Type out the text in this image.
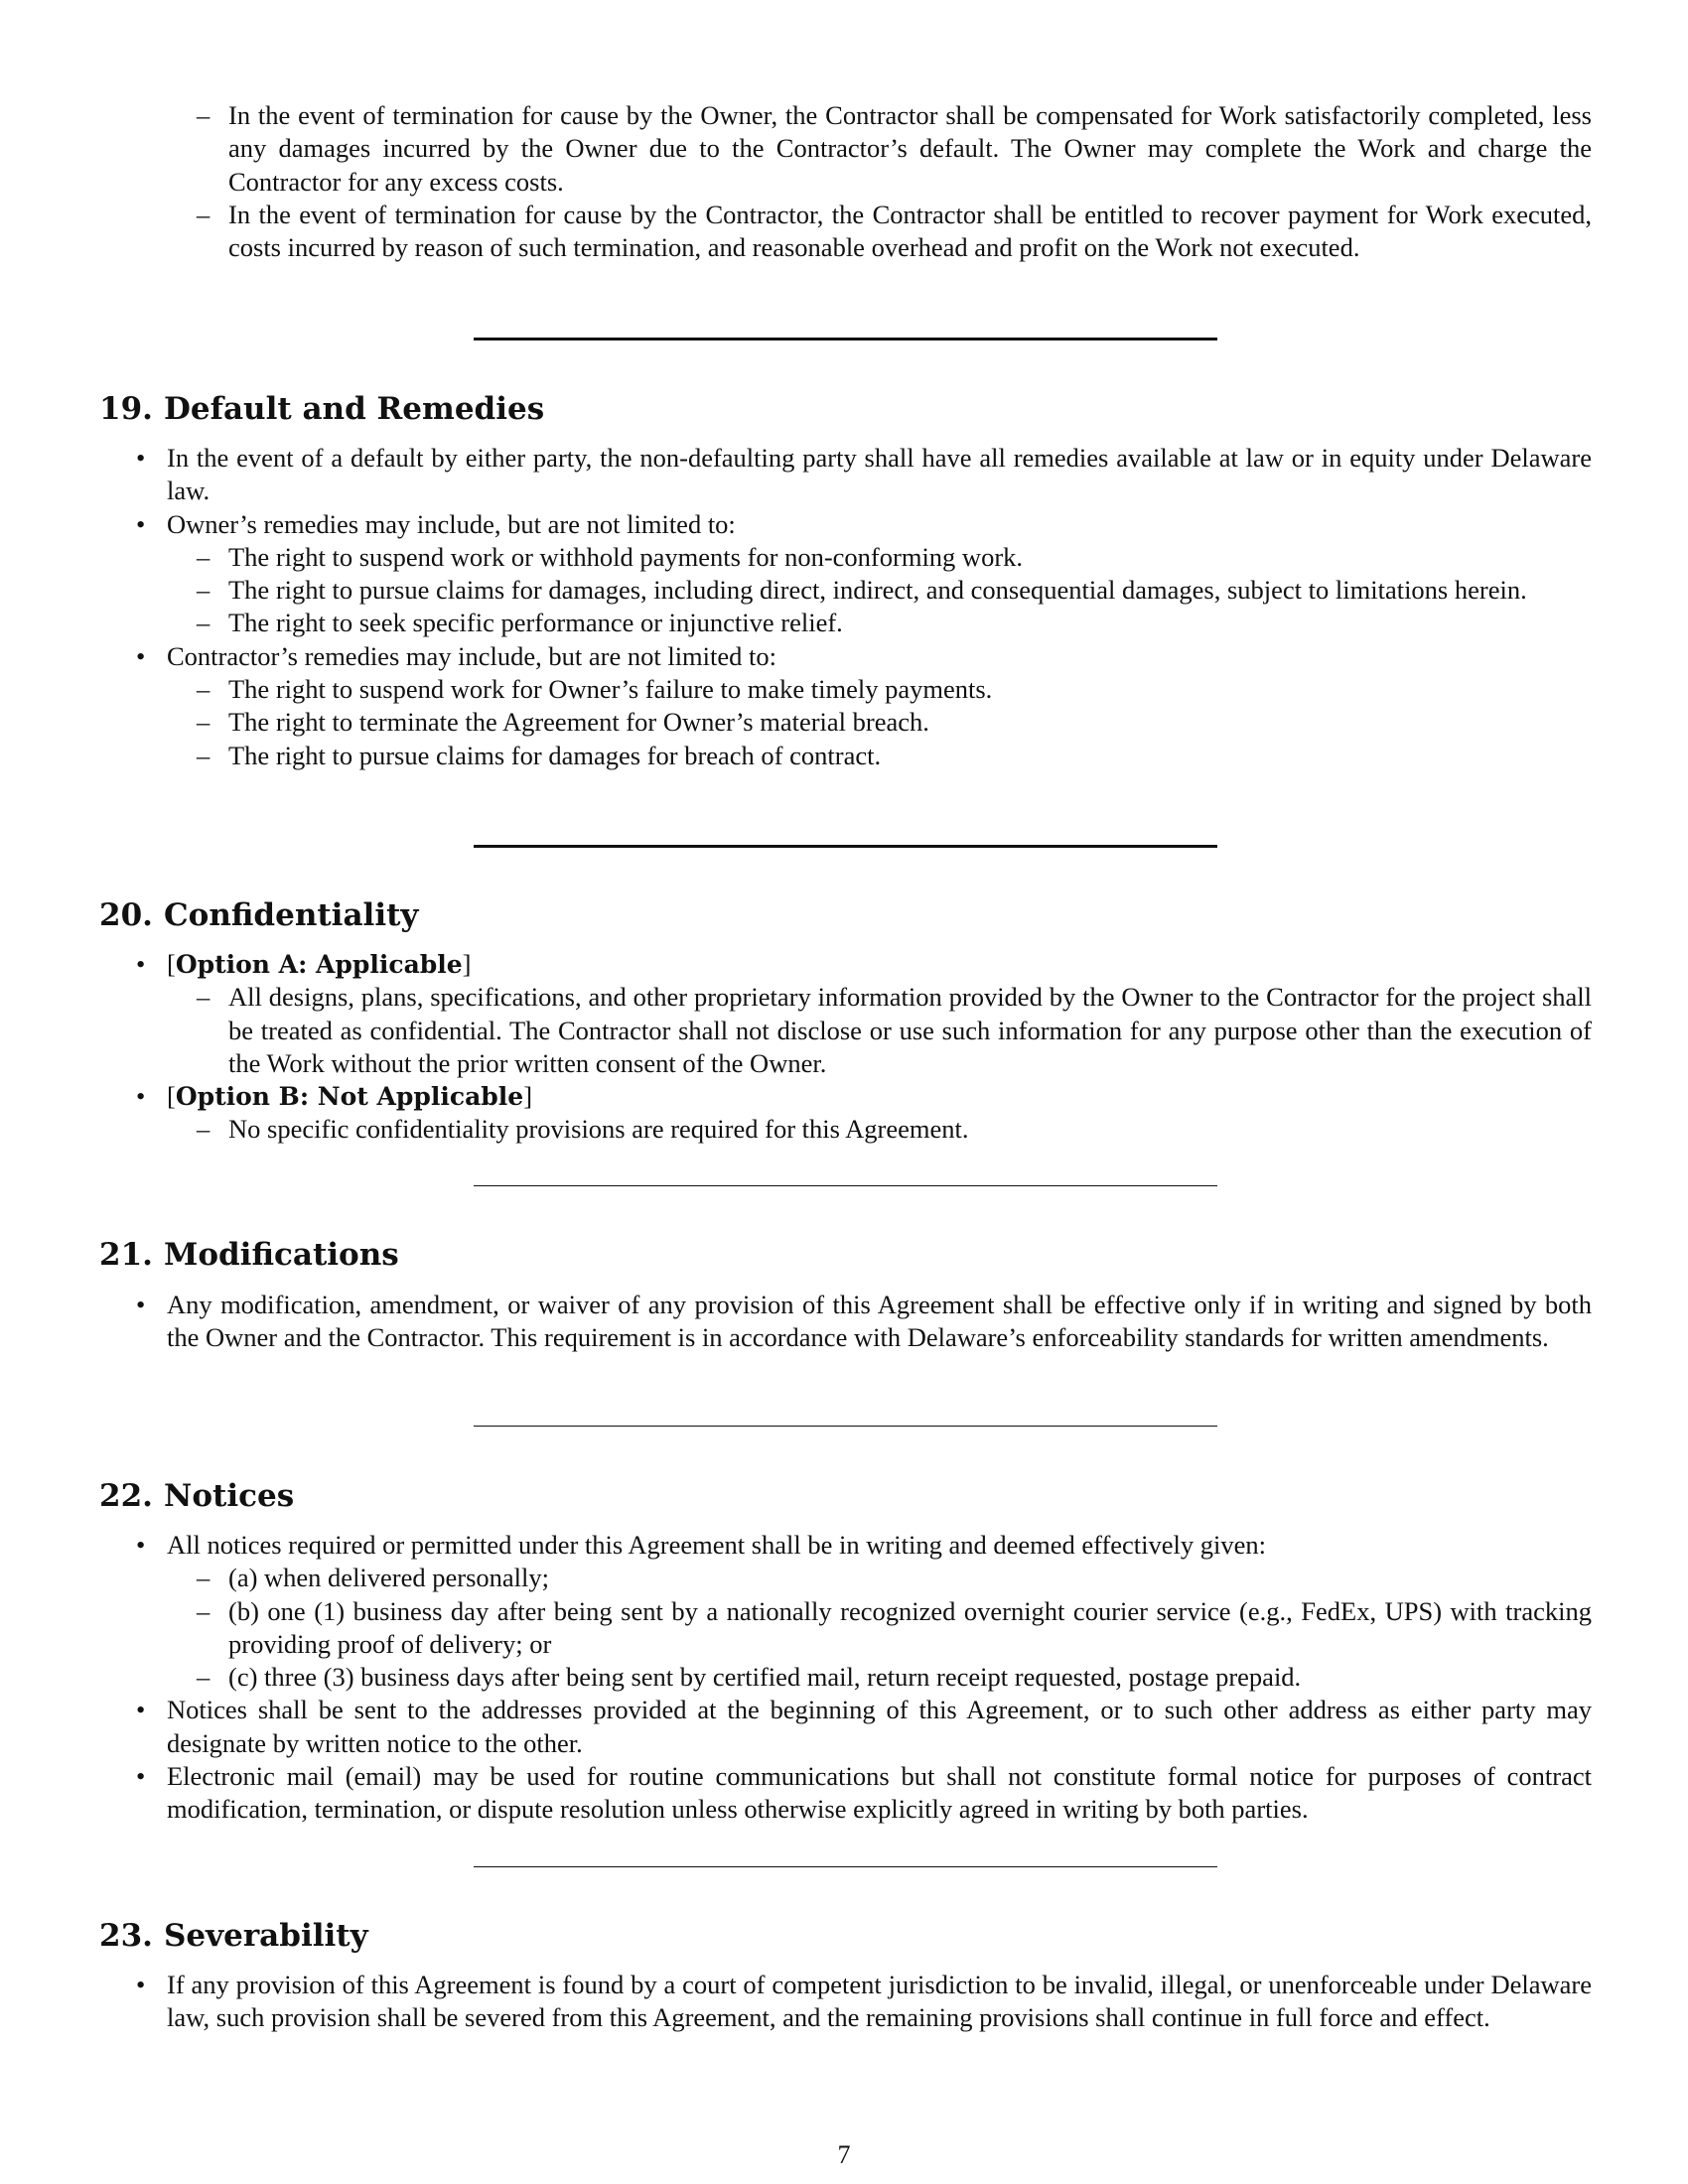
– In the event of termination for cause by the Owner, the Contractor shall be compensated for Work satisfactorily completed, less any damages incurred by the Owner due to the Contractor’s default. The Owner may complete the Work and charge the Contractor for any excess costs.
– In the event of termination for cause by the Contractor, the Contractor shall be entitled to recover payment for Work executed, costs incurred by reason of such termination, and reasonable overhead and profit on the Work not executed.
19. Default and Remedies
• In the event of a default by either party, the non-defaulting party shall have all remedies available at law or in equity under Delaware law.
• Owner’s remedies may include, but are not limited to:
– The right to suspend work or withhold payments for non-conforming work.
– The right to pursue claims for damages, including direct, indirect, and consequential damages, subject to limitations herein.
– The right to seek specific performance or injunctive relief.
• Contractor’s remedies may include, but are not limited to:
– The right to suspend work for Owner’s failure to make timely payments.
– The right to terminate the Agreement for Owner’s material breach.
– The right to pursue claims for damages for breach of contract.
20. Confidentiality
• [Option A: Applicable]
– All designs, plans, specifications, and other proprietary information provided by the Owner to the Contractor for the project shall be treated as confidential. The Contractor shall not disclose or use such information for any purpose other than the execution of the Work without the prior written consent of the Owner.
• [Option B: Not Applicable]
– No specific confidentiality provisions are required for this Agreement.
21. Modifications
• Any modification, amendment, or waiver of any provision of this Agreement shall be effective only if in writing and signed by both the Owner and the Contractor. This requirement is in accordance with Delaware’s enforceability standards for written amendments.
22. Notices
• All notices required or permitted under this Agreement shall be in writing and deemed effectively given:
– (a) when delivered personally;
– (b) one (1) business day after being sent by a nationally recognized overnight courier service (e.g., FedEx, UPS) with tracking providing proof of delivery; or
– (c) three (3) business days after being sent by certified mail, return receipt requested, postage prepaid.
• Notices shall be sent to the addresses provided at the beginning of this Agreement, or to such other address as either party may designate by written notice to the other.
• Electronic mail (email) may be used for routine communications but shall not constitute formal notice for purposes of contract modification, termination, or dispute resolution unless otherwise explicitly agreed in writing by both parties.
23. Severability
• If any provision of this Agreement is found by a court of competent jurisdiction to be invalid, illegal, or unenforceable under Delaware law, such provision shall be severed from this Agreement, and the remaining provisions shall continue in full force and effect.
7
